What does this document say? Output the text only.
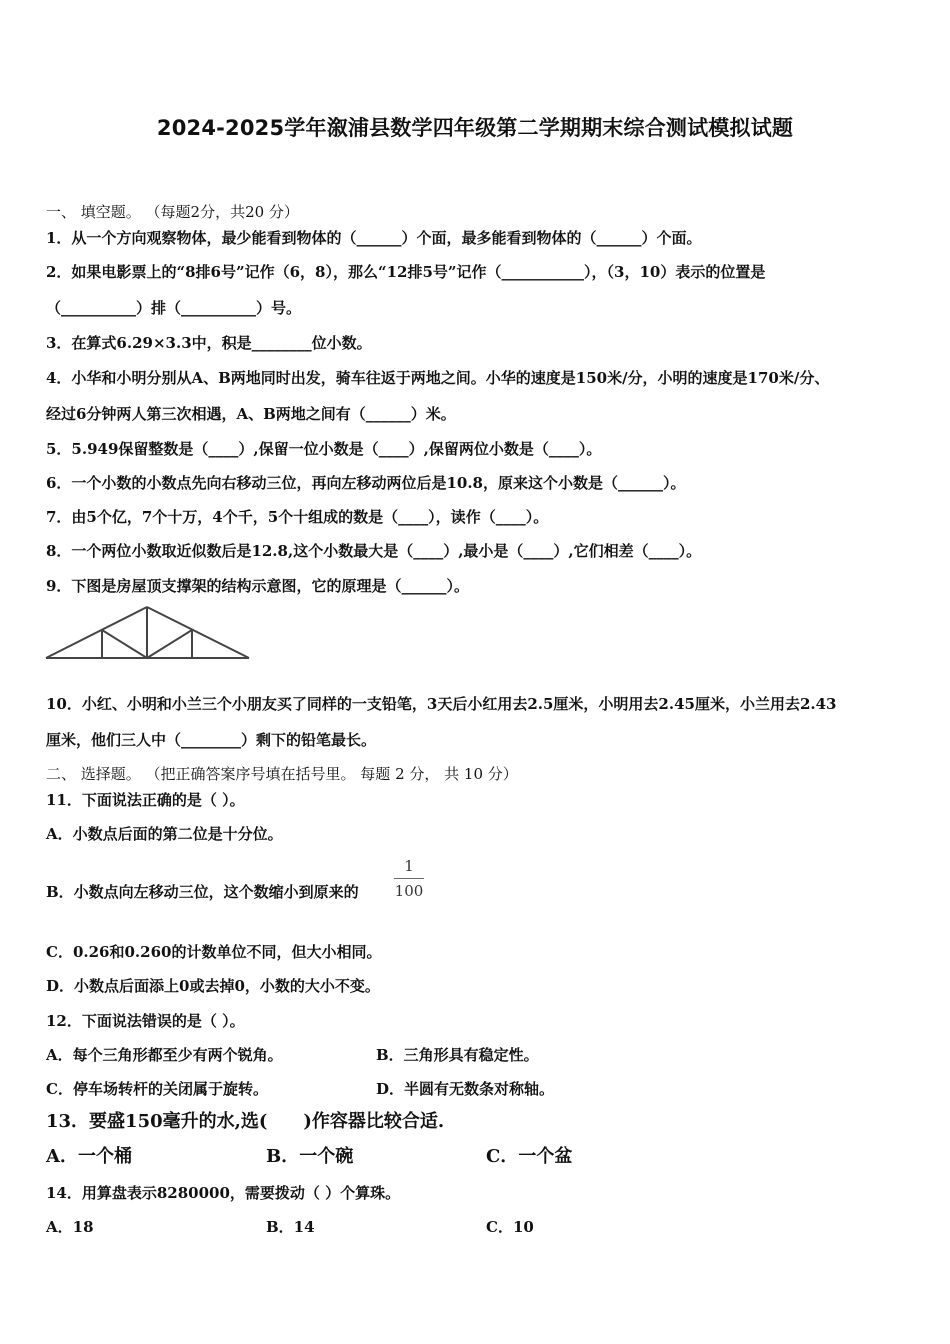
2024-2025学年溆浦县数学四年级第二学期期末综合测试模拟试题
一、 填空题。 （每题2分，共20 分）
1．从一个方向观察物体，最少能看到物体的（______）个面，最多能看到物体的（______）个面。
2．如果电影票上的“8排6号”记作（6，8），那么“12排5号”记作（___________），（3，10）表示的位置是
（__________）排（__________）号。
3．在算式6.29×3.3中，积是________位小数。
4．小华和小明分别从A、B两地同时出发，骑车往返于两地之间。小华的速度是150米/分，小明的速度是170米/分、
经过6分钟两人第三次相遇，A、B两地之间有（______）米。
5．5.949保留整数是（____）,保留一位小数是（____）,保留两位小数是（____）。
6．一个小数的小数点先向右移动三位，再向左移动两位后是10.8，原来这个小数是（______）。
7．由5个亿，7个十万，4个千，5个十组成的数是（____），读作（____）。
8．一个两位小数取近似数后是12.8,这个小数最大是（____）,最小是（____）,它们相差（____）。
9．下图是房屋顶支撑架的结构示意图，它的原理是（______）。
10．小红、小明和小兰三个小朋友买了同样的一支铅笔，3天后小红用去2.5厘米，小明用去2.45厘米，小兰用去2.43
厘米，他们三人中（________）剩下的铅笔最长。
二、 选择题。 （把正确答案序号填在括号里。 每题 2 分， 共 10 分）
11．下面说法正确的是（ ）。
A．小数点后面的第二位是十分位。
B．小数点向左移动三位，这个数缩小到原来的
1
100
C．0.26和0.260的计数单位不同，但大小相同。
D．小数点后面添上0或去掉0，小数的大小不变。
12．下面说法错误的是（ ）。
A．每个三角形都至少有两个锐角。	B．三角形具有稳定性。
C．停车场转杆的关闭属于旋转。	D．半圆有无数条对称轴。
13．要盛150毫升的水,选(　　)作容器比较合适.
A．一个桶	B．一个碗	C．一个盆
14．用算盘表示8280000，需要拨动（ ）个算珠。
A．18	B．14	C．10
